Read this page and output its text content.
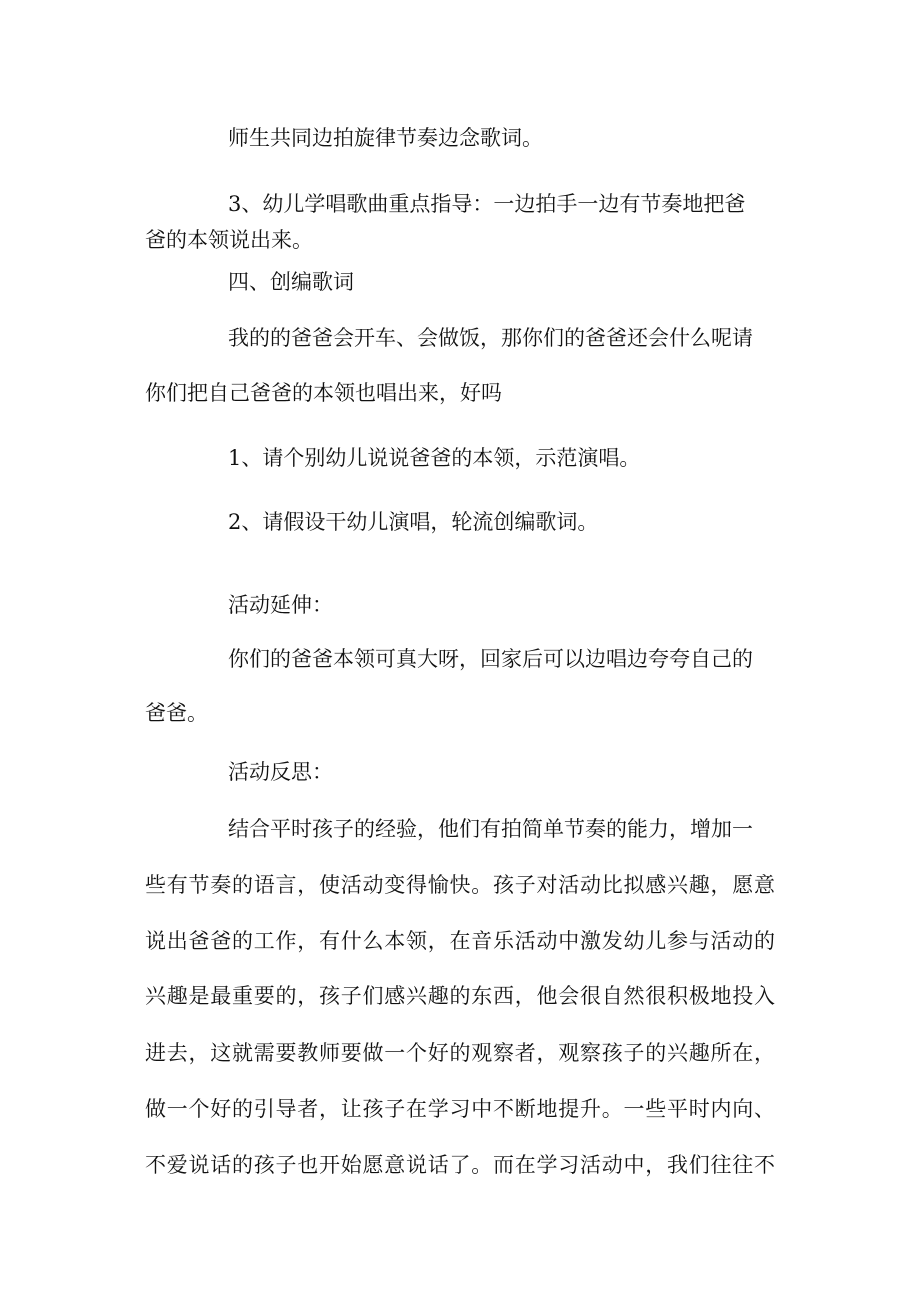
师生共同边拍旋律节奏边念歌词。
3、幼儿学唱歌曲重点指导：一边拍手一边有节奏地把爸
爸的本领说出来。
四、创编歌词
我的的爸爸会开车、会做饭，那你们的爸爸还会什么呢请
你们把自己爸爸的本领也唱出来，好吗
1、请个别幼儿说说爸爸的本领，示范演唱。
2、请假设干幼儿演唱，轮流创编歌词。
活动延伸：
你们的爸爸本领可真大呀，回家后可以边唱边夸夸自己的
爸爸。
活动反思：
结合平时孩子的经验，他们有拍简单节奏的能力，增加一
些有节奏的语言，使活动变得愉快。孩子对活动比拟感兴趣，愿意
说出爸爸的工作，有什么本领，在音乐活动中激发幼儿参与活动的
兴趣是最重要的，孩子们感兴趣的东西，他会很自然很积极地投入
进去，这就需要教师要做一个好的观察者，观察孩子的兴趣所在，
做一个好的引导者，让孩子在学习中不断地提升。一些平时内向、
不爱说话的孩子也开始愿意说话了。而在学习活动中，我们往往不
